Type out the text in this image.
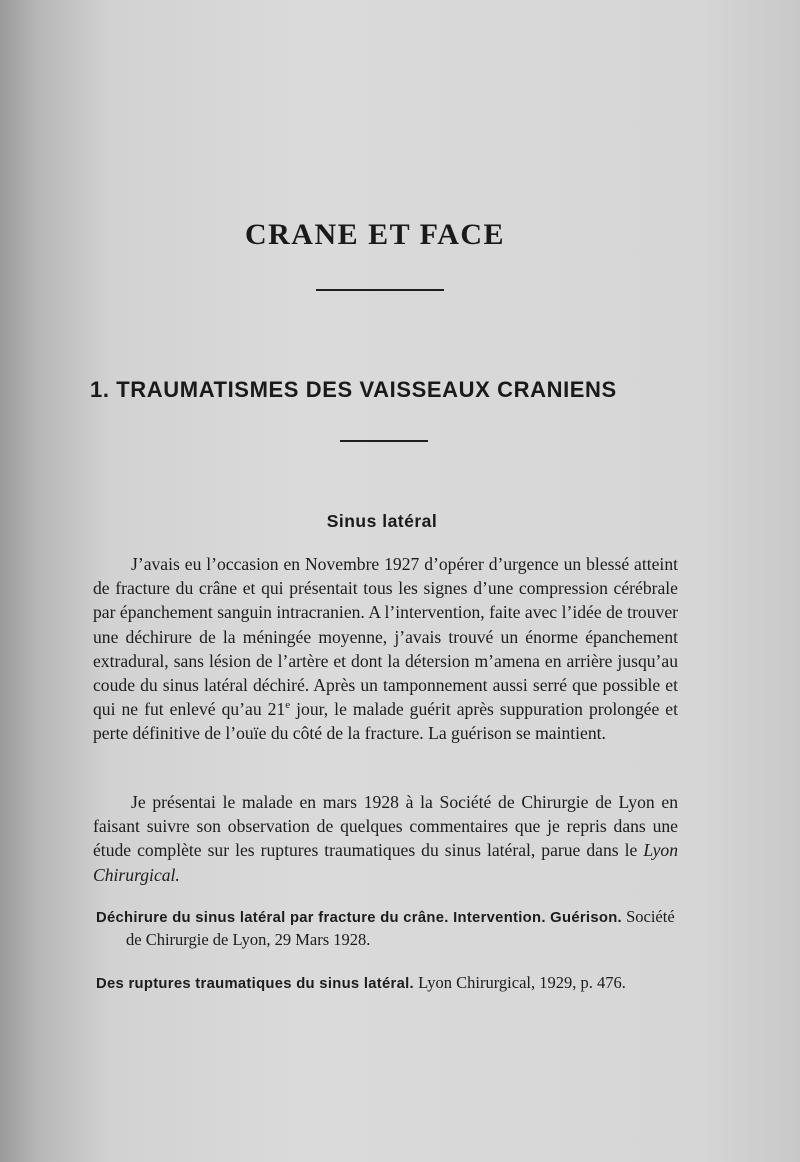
CRANE ET FACE
1. TRAUMATISMES DES VAISSEAUX CRANIENS
Sinus latéral

J’avais eu l’occasion en Novembre 1927 d’opérer d’urgence un blessé atteint de fracture du crâne et qui présentait tous les signes d’une compression cérébrale par épanchement sanguin intracranien. A l’intervention, faite avec l’idée de trouver une déchirure de la méningée moyenne, j’avais trouvé un énorme épanchement extradural, sans lésion de l’artère et dont la détersion m’amena en arrière jusqu’au coude du sinus latéral déchiré. Après un tamponnement aussi serré que possible et qui ne fut enlevé qu’au 21e jour, le malade guérit après suppuration prolongée et perte définitive de l’ouïe du côté de la fracture. La guérison se maintient.

Je présentai le malade en mars 1928 à la Société de Chirurgie de Lyon en faisant suivre son observation de quelques commentaires que je repris dans une étude complète sur les ruptures traumatiques du sinus latéral, parue dans le Lyon Chirurgical.

Déchirure du sinus latéral par fracture du crâne. Intervention. Guérison. Société de Chirurgie de Lyon, 29 Mars 1928.
Des ruptures traumatiques du sinus latéral. Lyon Chirurgical, 1929, p. 476.
